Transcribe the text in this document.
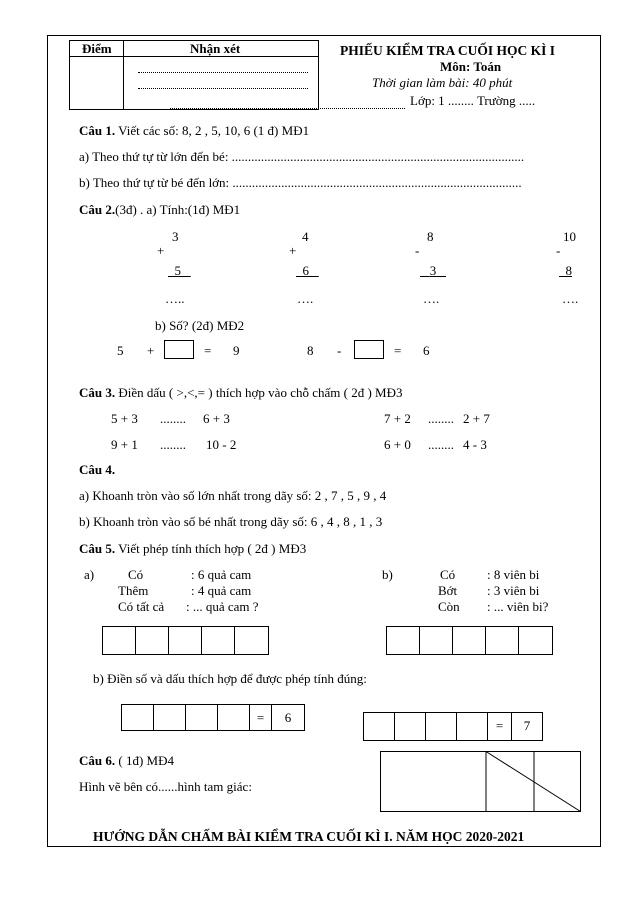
Điểm	Nhận xét	PHIẾU KIỂM TRA CUỐI HỌC KÌ I
Môn: Toán
Thời gian làm bài: 40 phút
Lớp: 1 ........ Trường .....
Câu 1. Viết các số: 8, 2 , 5, 10, 6 (1 đ) MĐ1
a) Theo thứ tự từ lớn đến bé: ..........................................................................................
b) Theo thứ tự từ bé đến lớn: .........................................................................................
Câu 2.(3đ) . a) Tính:(1đ) MĐ1
3
+
5
…..
4
+
6
….
8
-
3
….
10
-
8
….
b) Số? (2đ) MĐ2
5 +	= 9	8 -	= 6
Câu 3. Điền dấu ( >,<,= ) thích hợp vào chỗ chấm ( 2đ ) MĐ3
5 + 3 ........ 6 + 3	7 + 2 ........ 2 + 7
9 + 1 ........ 10 - 2	6 + 0 ........ 4 - 3
Câu 4.
a) Khoanh tròn vào số lớn nhất trong dãy số: 2 , 7 , 5 , 9 , 4
b) Khoanh tròn vào số bé nhất trong dãy số: 6 , 4 , 8 , 1 , 3
Câu 5. Viết phép tính thích hợp ( 2đ ) MĐ3
a)	Có	: 6 quả cam
Thêm	: 4 quả cam
Có tất cả : ... quả cam ?
b)	Có : 8 viên bi
Bớt : 3 viên bi
Còn : ... viên bi?
b) Điền số và dấu thích hợp để được phép tính đúng:
=	6
=	7
Câu 6. ( 1đ) MĐ4
Hình vẽ bên có......hình tam giác:
HƯỚNG DẪN CHẤM BÀI KIỂM TRA CUỐI KÌ I. NĂM HỌC 2020-2021
